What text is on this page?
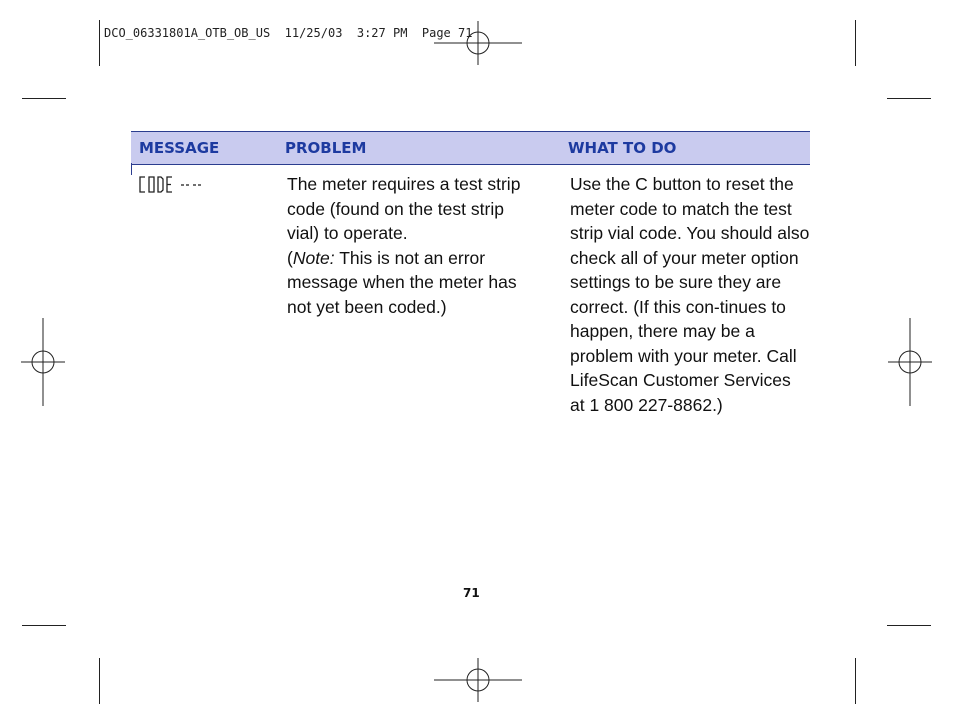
DCO_06331801A_OTB_OB_US  11/25/03  3:27 PM  Page 71
MESSAGE	PROBLEM	WHAT TO DO

The meter requires a test strip code (found on the test strip vial) to operate.

(Note: This is not an error message when the meter has not yet been coded.)

Use the C button to reset the meter code to match the test strip vial code. You should also check all of your meter option settings to be sure they are correct. (If this con-tinues to happen, there may be a problem with your meter. Call LifeScan Customer Services at 1 800 227-8862.)

71
